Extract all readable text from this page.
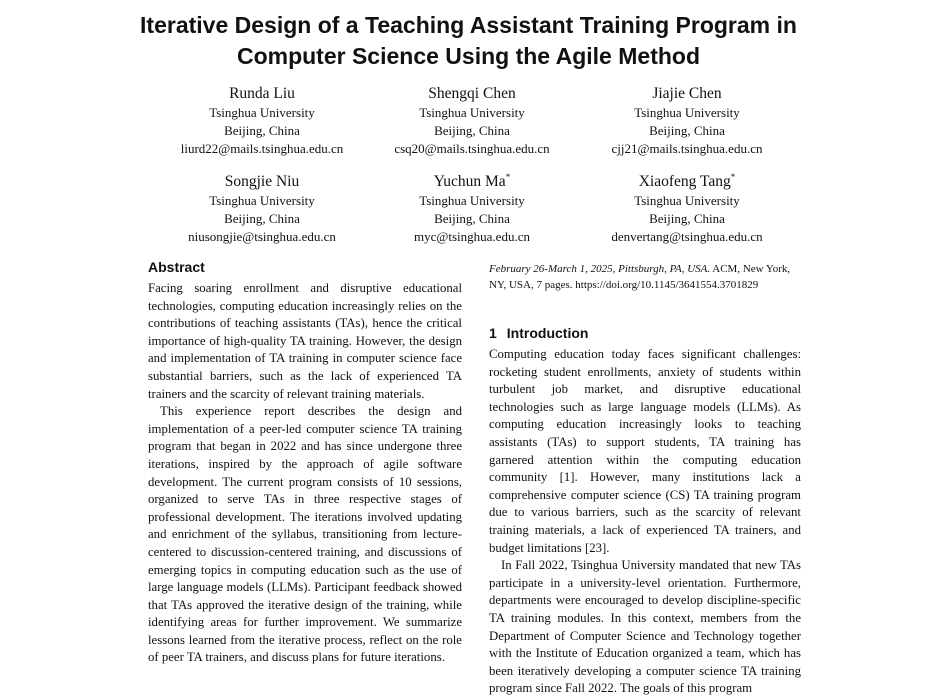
Iterative Design of a Teaching Assistant Training Program in
Computer Science Using the Agile Method
Runda Liu
Tsinghua University
Beijing, China
liurd22@mails.tsinghua.edu.cn
Shengqi Chen
Tsinghua University
Beijing, China
csq20@mails.tsinghua.edu.cn
Jiajie Chen
Tsinghua University
Beijing, China
cjj21@mails.tsinghua.edu.cn
Songjie Niu
Tsinghua University
Beijing, China
niusongjie@tsinghua.edu.cn
Yuchun Ma*
Tsinghua University
Beijing, China
myc@tsinghua.edu.cn
Xiaofeng Tang*
Tsinghua University
Beijing, China
denvertang@tsinghua.edu.cn
Abstract

Facing soaring enrollment and disruptive educational technologies, computing education increasingly relies on the contributions of teaching assistants (TAs), hence the critical importance of high-quality TA training. However, the design and implementation of TA training in computer science face substantial barriers, such as the lack of experienced TA trainers and the scarcity of relevant training materials.

This experience report describes the design and implementation of a peer-led computer science TA training program that began in 2022 and has since undergone three iterations, inspired by the approach of agile software development. The current program consists of 10 sessions, organized to serve TAs in three respective stages of professional development. The iterations involved updating and enrichment of the syllabus, transitioning from lecture-centered to discussion-centered training, and discussions of emerging topics in computing education such as the use of large language models (LLMs). Participant feedback showed that TAs approved the iterative design of the training, while identifying areas for further improvement. We summarize lessons learned from the iterative process, reflect on the role of peer TA trainers, and discuss plans for future iterations.

February 26-March 1, 2025, Pittsburgh, PA, USA. ACM, New York, NY, USA, 7 pages. https://doi.org/10.1145/3641554.3701829

1 Introduction

Computing education today faces significant challenges: rocketing student enrollments, anxiety of students within turbulent job market, and disruptive educational technologies such as large language models (LLMs). As computing education increasingly looks to teaching assistants (TAs) to support students, TA training has garnered attention within the computing education community [1]. However, many institutions lack a comprehensive computer science (CS) TA training program due to various barriers, such as the scarcity of relevant training materials, a lack of experienced TA trainers, and budget limitations [23].

In Fall 2022, Tsinghua University mandated that new TAs participate in a university-level orientation. Furthermore, departments were encouraged to develop discipline-specific TA training modules. In this context, members from the Department of Computer Science and Technology together with the Institute of Education organized a team, which has been iteratively developing a computer science TA training program since Fall 2022. The goals of this program
